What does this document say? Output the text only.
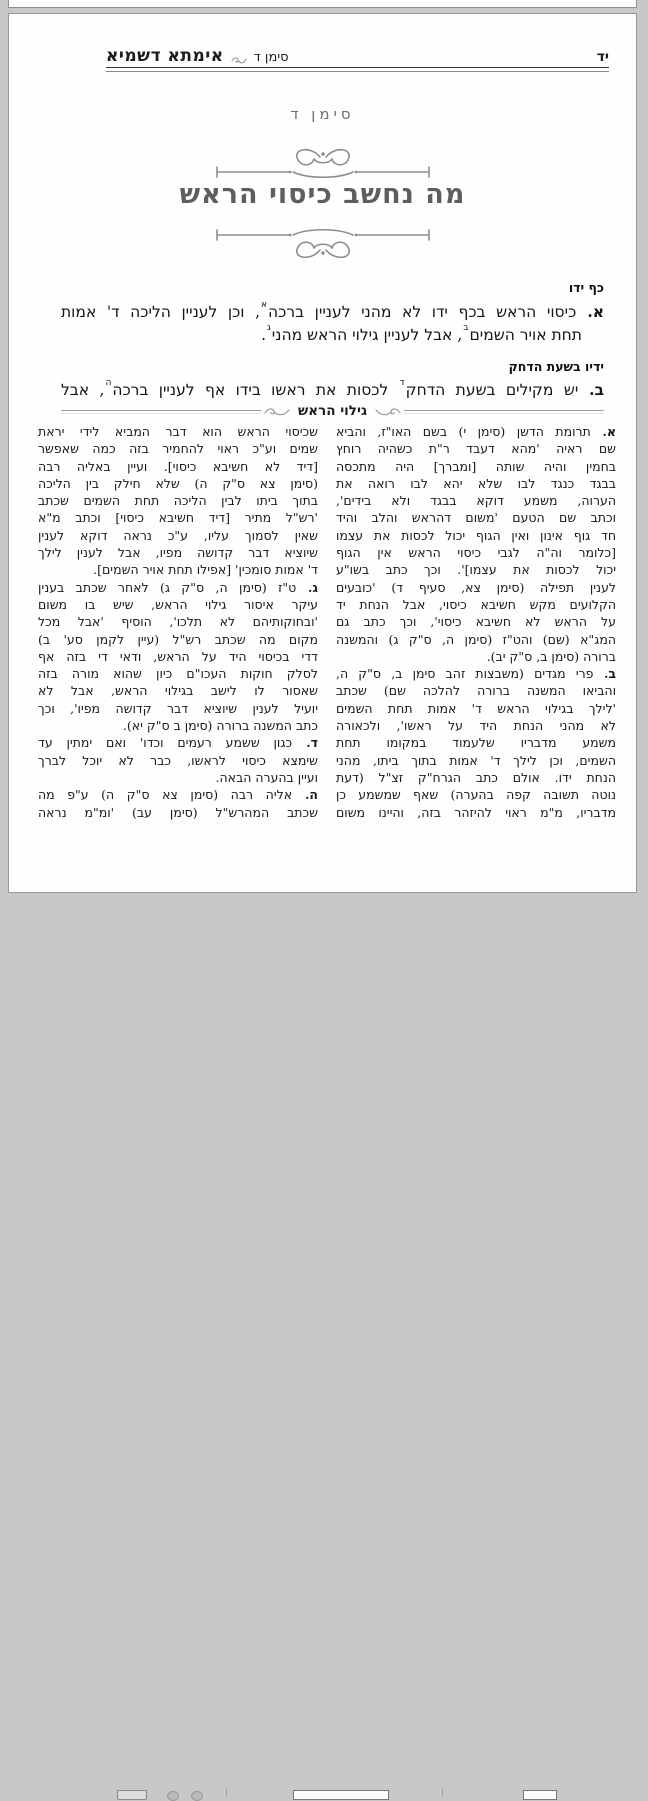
אימתא דשמיא סימן ד	יד
סימן ד
מה נחשב כיסוי הראש
כף ידו
א. כיסוי הראש בכף ידו לא מהני לעניין ברכה$^א$, וכן לעניין הליכה ד' אמות
תחת אויר השמים$^ב$, אבל לעניין גילוי הראש מהני$^ג$.
ידיו בשעת הדחק
ב. יש מקילים בשעת הדחק$^ד$ לכסות את ראשו בידו אף לעניין ברכה$^ה$, אבל
גילוי הראש
א. תרומת הדשן (סימן י) בשם האו"ז, והביא
שם ראיה 'מהא דעבד ר"ת כשהיה רוחץ
בחמין והיה שותה [ומברך] היה מתכסה
בבגד כנגד לבו שלא יהא לבו רואה את
הערוה, משמע דוקא בבגד ולא בידים',
וכתב שם הטעם 'משום דהראש והלב והיד
חד גוף אינון ואין הגוף יכול לכסות את עצמו
[כלומר וה"ה לגבי כיסוי הראש אין הגוף
יכול לכסות את עצמו]'. וכך כתב בשו"ע
לענין תפילה (סימן צא, סעיף ד) 'כובעים
הקלועים מקש חשיבא כיסוי, אבל הנחת יד
על הראש לא חשיבא כיסוי', וכך כתב גם
המג"א (שם) והט"ז (סימן ה, ס"ק ג) והמשנה
ברורה (סימן ב, ס"ק יב).
ב. פרי מגדים (משבצות זהב סימן ב, ס"ק ה,
והביאו המשנה ברורה להלכה שם) שכתב
'לילך בגילוי הראש ד' אמות תחת השמים
לא מהני הנחת היד על ראשו', ולכאורה
משמע מדבריו שלעמוד במקומו תחת
השמים, וכן לילך ד' אמות בתוך ביתו, מהני
הנחת ידו. אולם כתב הגרח"ק זצ"ל (דעת
נוטה תשובה קפה בהערה) שאף שמשמע כן
מדבריו, מ"מ ראוי להיזהר בזה, והיינו משום
שכיסוי הראש הוא דבר המביא לידי יראת
שמים וע"כ ראוי להחמיר בזה כמה שאפשר
[דיד לא חשיבא כיסוי]. ועיין באליה רבה
(סימן צא ס"ק ה) שלא חילק בין הליכה
בתוך ביתו לבין הליכה תחת השמים שכתב
'רש"ל מתיר [דיד חשיבא כיסוי] וכתב מ"א
שאין לסמוך עליו, ע"כ נראה דוקא לענין
שיוציא דבר קדושה מפיו, אבל לענין לילך
ד' אמות סומכין' [אפילו תחת אויר השמים].
ג. ט"ז (סימן ה, ס"ק ג) לאחר שכתב בענין
עיקר איסור גילוי הראש, שיש בו משום
'ובחוקותיהם לא תלכו', הוסיף 'אבל מכל
מקום מה שכתב רש"ל (עיין לקמן סע' ב)
דדי בכיסוי היד על הראש, ודאי די בזה אף
לסלק חוקות העכו"ם כיון שהוא מורה בזה
שאסור לו לישב בגילוי הראש, אבל לא
יועיל לענין שיוציא דבר קדושה מפיו', וכך
כתב המשנה ברורה (סימן ב ס"ק יא).
ד. כגון ששמע רעמים וכדו' ואם ימתין עד
שימצא כיסוי לראשו, כבר לא יוכל לברך
ועיין בהערה הבאה.
ה. אליה רבה (סימן צא ס"ק ה) ע"פ מה
שכתב המהרש"ל (סימן עב) 'ומ"מ נראה
